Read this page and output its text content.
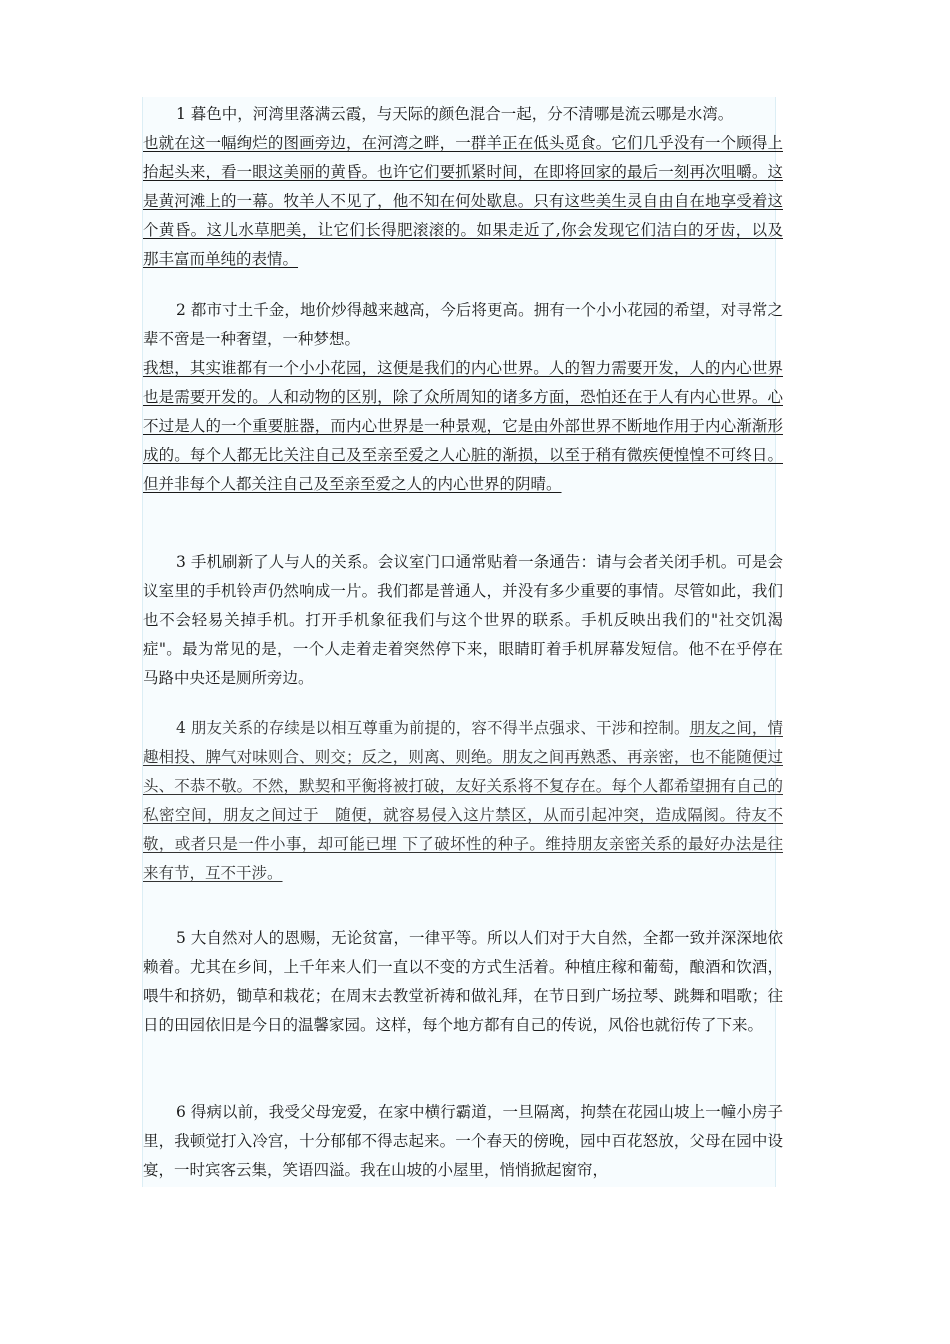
1 暮色中，河湾里落满云霞，与天际的颜色混合一起，分不清哪是流云哪是水湾。
也就在这一幅绚烂的图画旁边，在河湾之畔，一群羊正在低头觅食。它们几乎没有一个顾得上抬起头来，看一眼这美丽的黄昏。也许它们要抓紧时间，在即将回家的最后一刻再次咀嚼。这是黄河滩上的一幕。牧羊人不见了，他不知在何处歇息。只有这些美生灵自由自在地享受着这个黄昏。这儿水草肥美，让它们长得肥滚滚的。如果走近了,你会发现它们洁白的牙齿，以及那丰富而单纯的表情。
2 都市寸土千金，地价炒得越来越高，今后将更高。拥有一个小小花园的希望，对寻常之辈不啻是一种奢望，一种梦想。
我想，其实谁都有一个小小花园，这便是我们的内心世界。人的智力需要开发，人的内心世界也是需要开发的。人和动物的区别，除了众所周知的诸多方面，恐怕还在于人有内心世界。心不过是人的一个重要脏器，而内心世界是一种景观，它是由外部世界不断地作用于内心渐渐形成的。每个人都无比关注自己及至亲至爱之人心脏的渐损，以至于稍有微疾便惶惶不可终日。但并非每个人都关注自己及至亲至爱之人的内心世界的阴晴。
3 手机刷新了人与人的关系。会议室门口通常贴着一条通告：请与会者关闭手机。可是会议室里的手机铃声仍然响成一片。我们都是普通人，并没有多少重要的事情。尽管如此，我们也不会轻易关掉手机。打开手机象征我们与这个世界的联系。手机反映出我们的"社交饥渴症"。最为常见的是，一个人走着走着突然停下来，眼睛盯着手机屏幕发短信。他不在乎停在马路中央还是厕所旁边。
4 朋友关系的存续是以相互尊重为前提的，容不得半点强求、干涉和控制。朋友之间，情趣相投、脾气对味则合、则交；反之，则离、则绝。朋友之间再熟悉、再亲密，也不能随便过头、不恭不敬。不然，默契和平衡将被打破，友好关系将不复存在。每个人都希望拥有自己的私密空间，朋友之间过于　随便，就容易侵入这片禁区，从而引起冲突，造成隔阂。待友不敬，或者只是一件小事，却可能已埋 下了破坏性的种子。维持朋友亲密关系的最好办法是往来有节，互不干涉。
5 大自然对人的恩赐，无论贫富，一律平等。所以人们对于大自然，全都一致并深深地依赖着。尤其在乡间，上千年来人们一直以不变的方式生活着。种植庄稼和葡萄，酿酒和饮酒，喂牛和挤奶，锄草和栽花；在周末去教堂祈祷和做礼拜，在节日到广场拉琴、跳舞和唱歌；往日的田园依旧是今日的温馨家园。这样，每个地方都有自己的传说，风俗也就衍传了下来。
6 得病以前，我受父母宠爱，在家中横行霸道，一旦隔离，拘禁在花园山坡上一幢小房子里，我顿觉打入冷宫，十分郁郁不得志起来。一个春天的傍晚，园中百花怒放，父母在园中设宴，一时宾客云集，笑语四溢。我在山坡的小屋里，悄悄掀起窗帘，
